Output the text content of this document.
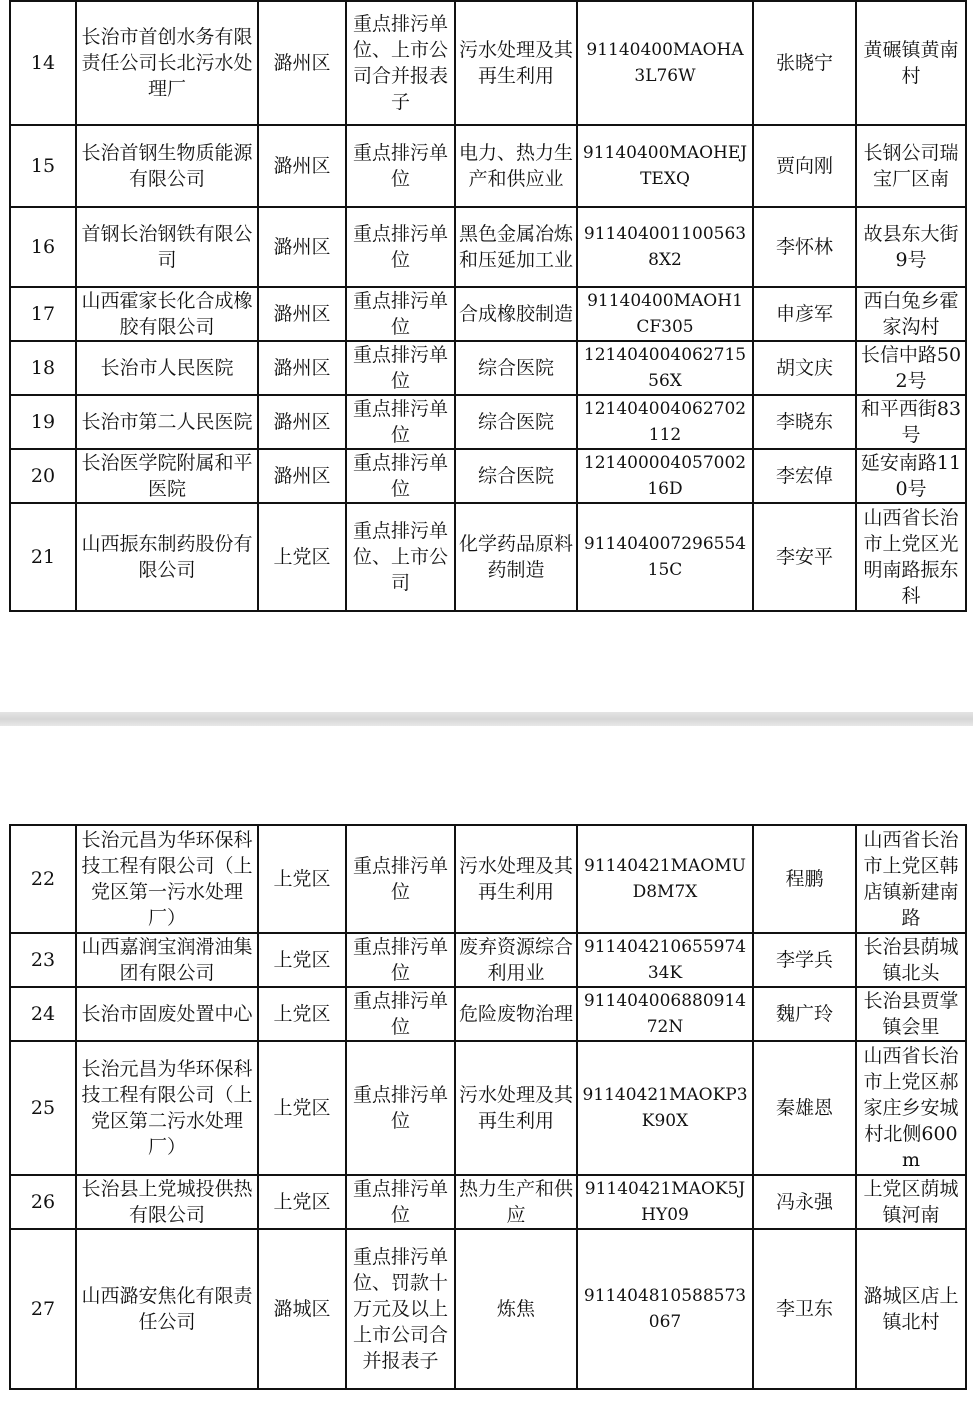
14	长治市首创水务有限责任公司长北污水处理厂	潞州区	重点排污单位、上市公司合并报表子	污水处理及其再生利用	91140400MAOHA3L76W	张晓宁	黄碾镇黄南村
15	长治首钢生物质能源有限公司	潞州区	重点排污单位	电力、热力生产和供应业	91140400MAOHEJTEXQ	贾向刚	长钢公司瑞宝厂区南
16	首钢长治钢铁有限公司	潞州区	重点排污单位	黑色金属冶炼和压延加工业	911404001100563 8X2	李怀林	故县东大街9号
17	山西霍家长化合成橡胶有限公司	潞州区	重点排污单位	合成橡胶制造	91140400MAOH1CF305	申彦军	西白兔乡霍家沟村
18	长治市人民医院	潞州区	重点排污单位	综合医院	121404004062715 56X	胡文庆	长信中路502号
19	长治市第二人民医院	潞州区	重点排污单位	综合医院	121404004062702 112	李晓东	和平西街83号
20	长治医学院附属和平医院	潞州区	重点排污单位	综合医院	121400004057002 16D	李宏倬	延安南路110号
21	山西振东制药股份有限公司	上党区	重点排污单位、上市公司	化学药品原料药制造	911404007296554 15C	李安平	山西省长治市上党区光明南路振东科
22	长治元昌为华环保科技工程有限公司（上党区第一污水处理厂）	上党区	重点排污单位	污水处理及其再生利用	91140421MAOMUD8M7X	程鹏	山西省长治市上党区韩店镇新建南路
23	山西嘉润宝润滑油集团有限公司	上党区	重点排污单位	废弃资源综合利用业	911404210655974 34K	李学兵	长治县荫城镇北头
24	长治市固废处置中心	上党区	重点排污单位	危险废物治理	911404006880914 72N	魏广玲	长治县贾掌镇会里
25	长治元昌为华环保科技工程有限公司（上党区第二污水处理厂）	上党区	重点排污单位	污水处理及其再生利用	91140421MAOKP3K90X	秦雄恩	山西省长治市上党区郝家庄乡安城村北侧600m
26	长治县上党城投供热有限公司	上党区	重点排污单位	热力生产和供应	91140421MAOK5JHY09	冯永强	上党区荫城镇河南
27	山西潞安焦化有限责任公司	潞城区	重点排污单位、罚款十万元及以上上市公司合并报表子	炼焦	911404810588573 067	李卫东	潞城区店上镇北村
